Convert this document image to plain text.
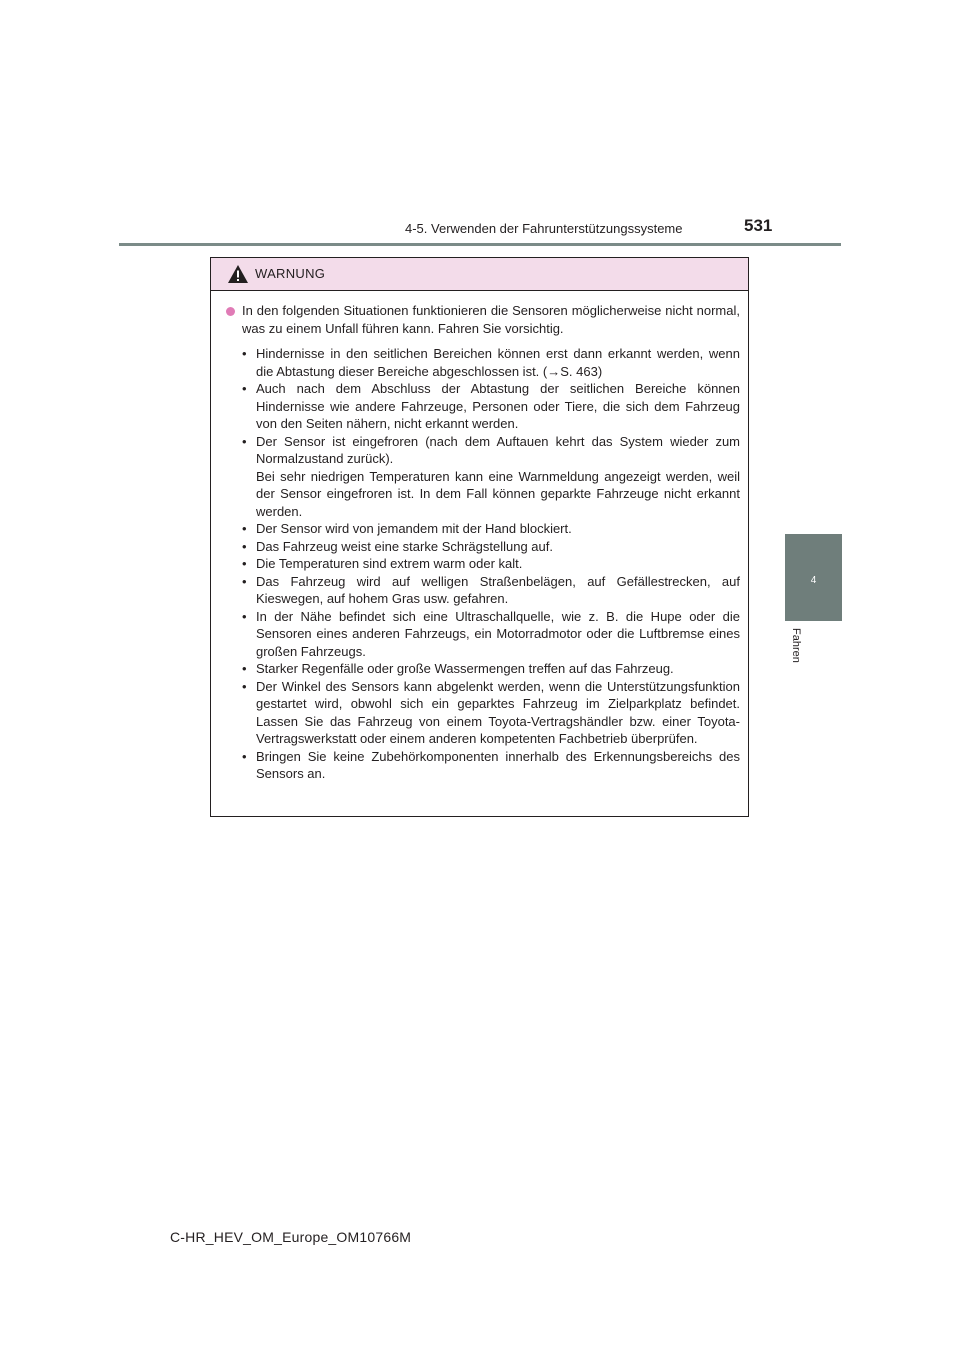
4-5. Verwenden der Fahrunterstützungssysteme	531
4
Fahren
WARNUNG

In den folgenden Situationen funktionieren die Sensoren möglicherweise nicht normal, was zu einem Unfall führen kann. Fahren Sie vorsichtig.

• Hindernisse in den seitlichen Bereichen können erst dann erkannt werden, wenn die Abtastung dieser Bereiche abgeschlossen ist. (→S. 463)
• Auch nach dem Abschluss der Abtastung der seitlichen Bereiche können Hindernisse wie andere Fahrzeuge, Personen oder Tiere, die sich dem Fahrzeug von den Seiten nähern, nicht erkannt werden.
• Der Sensor ist eingefroren (nach dem Auftauen kehrt das System wieder zum Normalzustand zurück).
Bei sehr niedrigen Temperaturen kann eine Warnmeldung angezeigt werden, weil der Sensor eingefroren ist. In dem Fall können geparkte Fahrzeuge nicht erkannt werden.
• Der Sensor wird von jemandem mit der Hand blockiert.
• Das Fahrzeug weist eine starke Schrägstellung auf.
• Die Temperaturen sind extrem warm oder kalt.
• Das Fahrzeug wird auf welligen Straßenbelägen, auf Gefällestrecken, auf Kieswegen, auf hohem Gras usw. gefahren.
• In der Nähe befindet sich eine Ultraschallquelle, wie z. B. die Hupe oder die Sensoren eines anderen Fahrzeugs, ein Motorradmotor oder die Luftbremse eines großen Fahrzeugs.
• Starker Regenfälle oder große Wassermengen treffen auf das Fahrzeug.
• Der Winkel des Sensors kann abgelenkt werden, wenn die Unterstützungsfunktion gestartet wird, obwohl sich ein geparktes Fahrzeug im Zielparkplatz befindet. Lassen Sie das Fahrzeug von einem Toyota-Vertragshändler bzw. einer Toyota-Vertragswerkstatt oder einem anderen kompetenten Fachbetrieb überprüfen.
• Bringen Sie keine Zubehörkomponenten innerhalb des Erkennungsbereichs des Sensors an.
C-HR_HEV_OM_Europe_OM10766M
